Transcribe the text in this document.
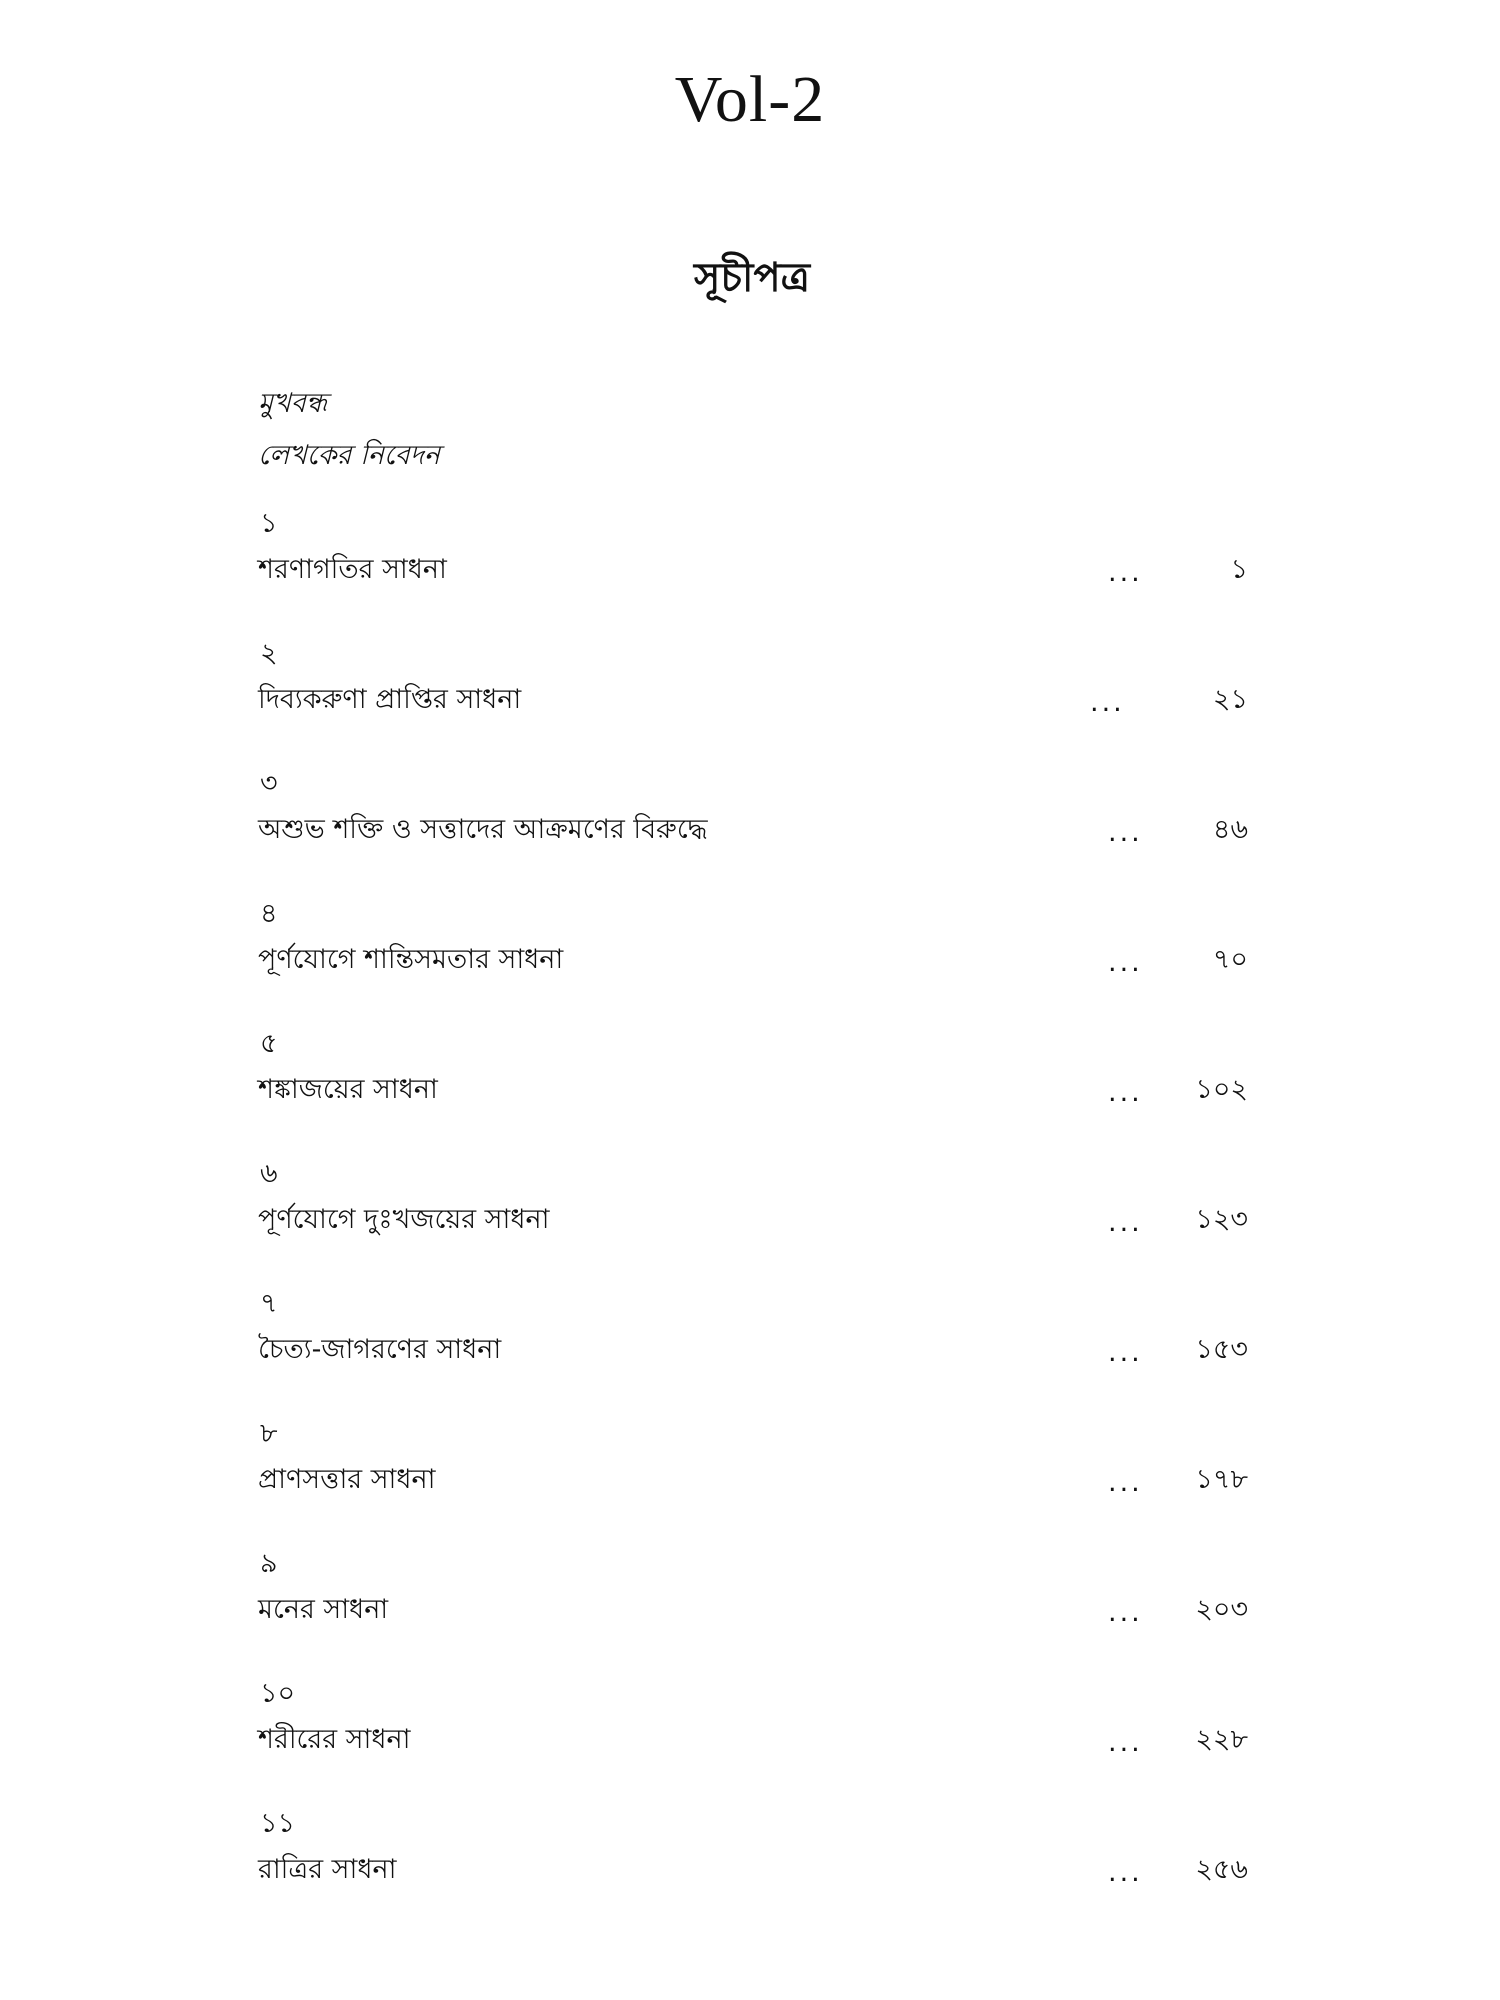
Vol-2
সূচীপত্র
মুখবন্ধ
লেখকের নিবেদন
১
শরণাগতির সাধনা	...	১
২
দিব্যকরুণা প্রাপ্তির সাধনা	...	২১
৩
অশুভ শক্তি ও সত্তাদের আক্রমণের বিরুদ্ধে	...	৪৬
৪
পূর্ণযোগে শান্তিসমতার সাধনা	...	৭০
৫
শঙ্কাজয়ের সাধনা	...	১০২
৬
পূর্ণযোগে দুঃখজয়ের সাধনা	...	১২৩
৭
চৈত্য-জাগরণের সাধনা	...	১৫৩
৮
প্রাণসত্তার সাধনা	...	১৭৮
৯
মনের সাধনা	...	২০৩
১০
শরীরের সাধনা	...	২২৮
১১
রাত্রির সাধনা	...	২৫৬
